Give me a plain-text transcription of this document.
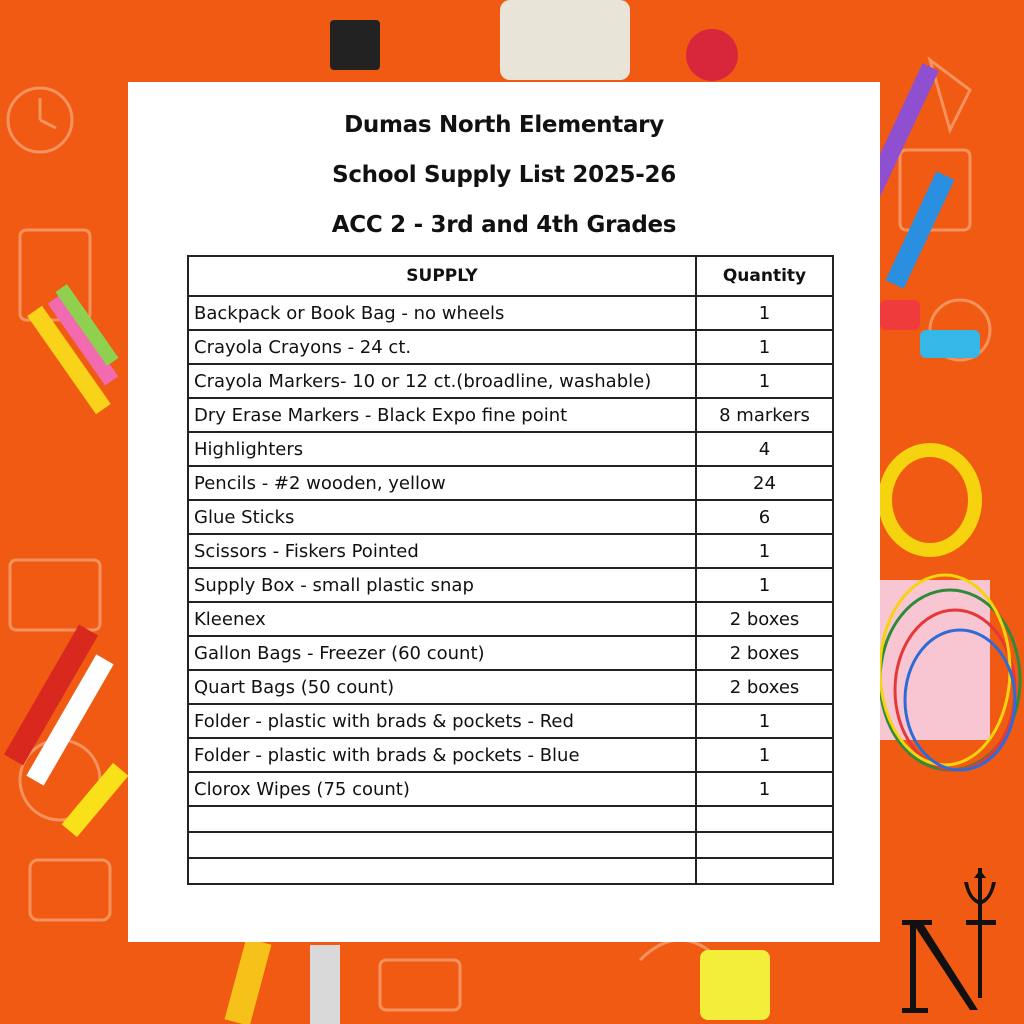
Dumas North Elementary
School Supply List 2025-26
ACC 2 - 3rd and 4th Grades
SUPPLY	Quantity
Backpack or Book Bag - no wheels	1
Crayola Crayons - 24 ct.	1
Crayola Markers- 10 or 12 ct.(broadline, washable)	1
Dry Erase Markers - Black Expo fine point	8 markers
Highlighters	4
Pencils - #2 wooden, yellow	24
Glue Sticks	6
Scissors - Fiskers Pointed	1
Supply Box - small plastic snap	1
Kleenex	2 boxes
Gallon Bags - Freezer (60 count)	2 boxes
Quart Bags (50 count)	2 boxes
Folder - plastic with brads & pockets - Red	1
Folder - plastic with brads & pockets - Blue	1
Clorox Wipes (75 count)	1

N
